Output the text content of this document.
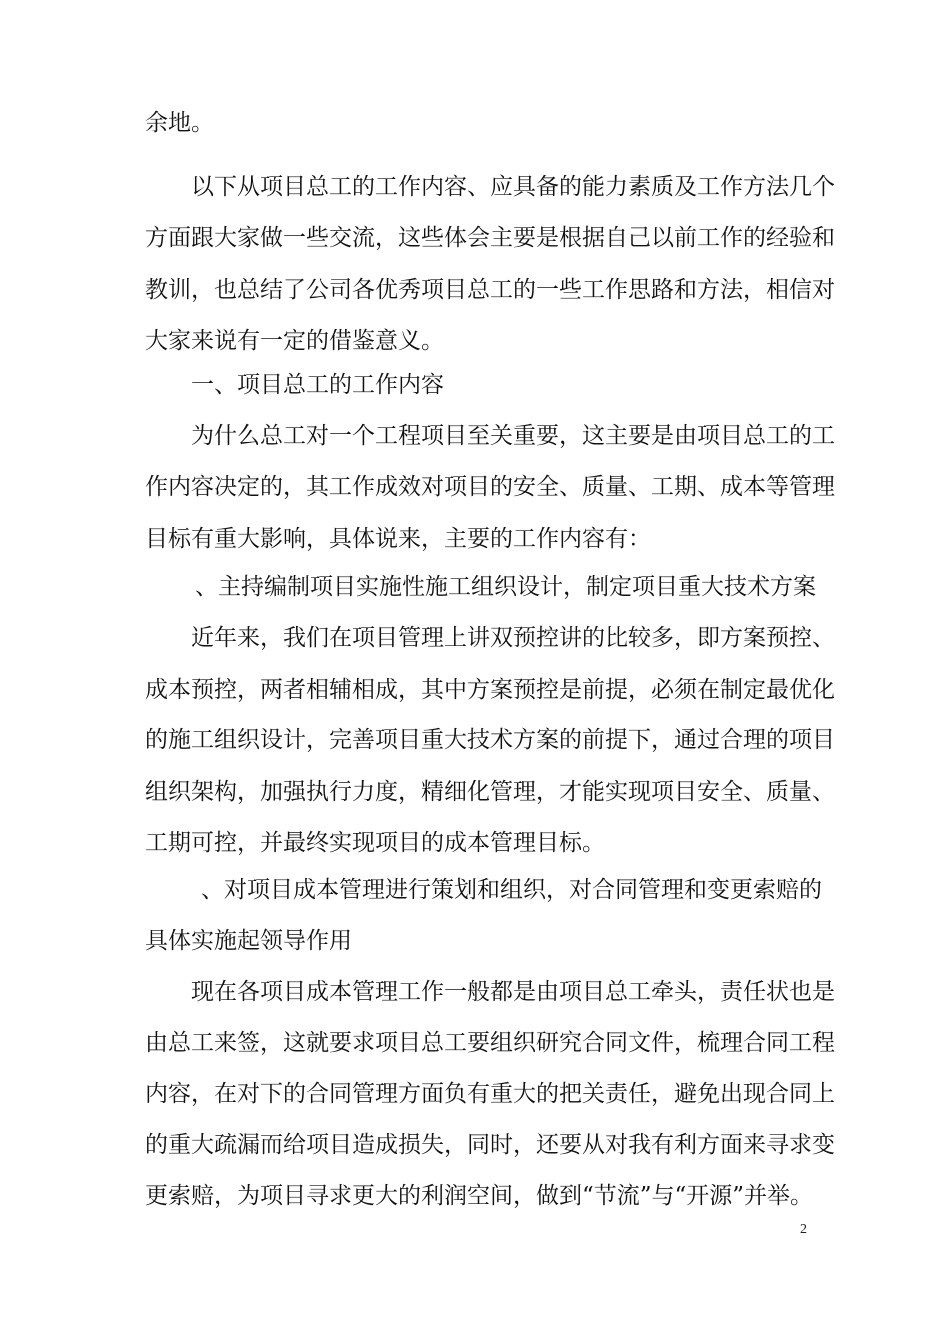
余地。
以下从项目总工的工作内容、应具备的能力素质及工作方法几个
方面跟大家做一些交流，这些体会主要是根据自己以前工作的经验和
教训，也总结了公司各优秀项目总工的一些工作思路和方法，相信对
大家来说有一定的借鉴意义。
一、项目总工的工作内容
为什么总工对一个工程项目至关重要，这主要是由项目总工的工
作内容决定的，其工作成效对项目的安全、质量、工期、成本等管理
目标有重大影响，具体说来，主要的工作内容有：
、主持编制项目实施性施工组织设计，制定项目重大技术方案
近年来，我们在项目管理上讲双预控讲的比较多，即方案预控、
成本预控，两者相辅相成，其中方案预控是前提，必须在制定最优化
的施工组织设计，完善项目重大技术方案的前提下，通过合理的项目
组织架构，加强执行力度，精细化管理，才能实现项目安全、质量、
工期可控，并最终实现项目的成本管理目标。
、对项目成本管理进行策划和组织，对合同管理和变更索赔的
具体实施起领导作用
现在各项目成本管理工作一般都是由项目总工牵头，责任状也是
由总工来签，这就要求项目总工要组织研究合同文件，梳理合同工程
内容，在对下的合同管理方面负有重大的把关责任，避免出现合同上
的重大疏漏而给项目造成损失，同时，还要从对我有利方面来寻求变
更索赔，为项目寻求更大的利润空间，做到“节流”与“开源”并举。
2
